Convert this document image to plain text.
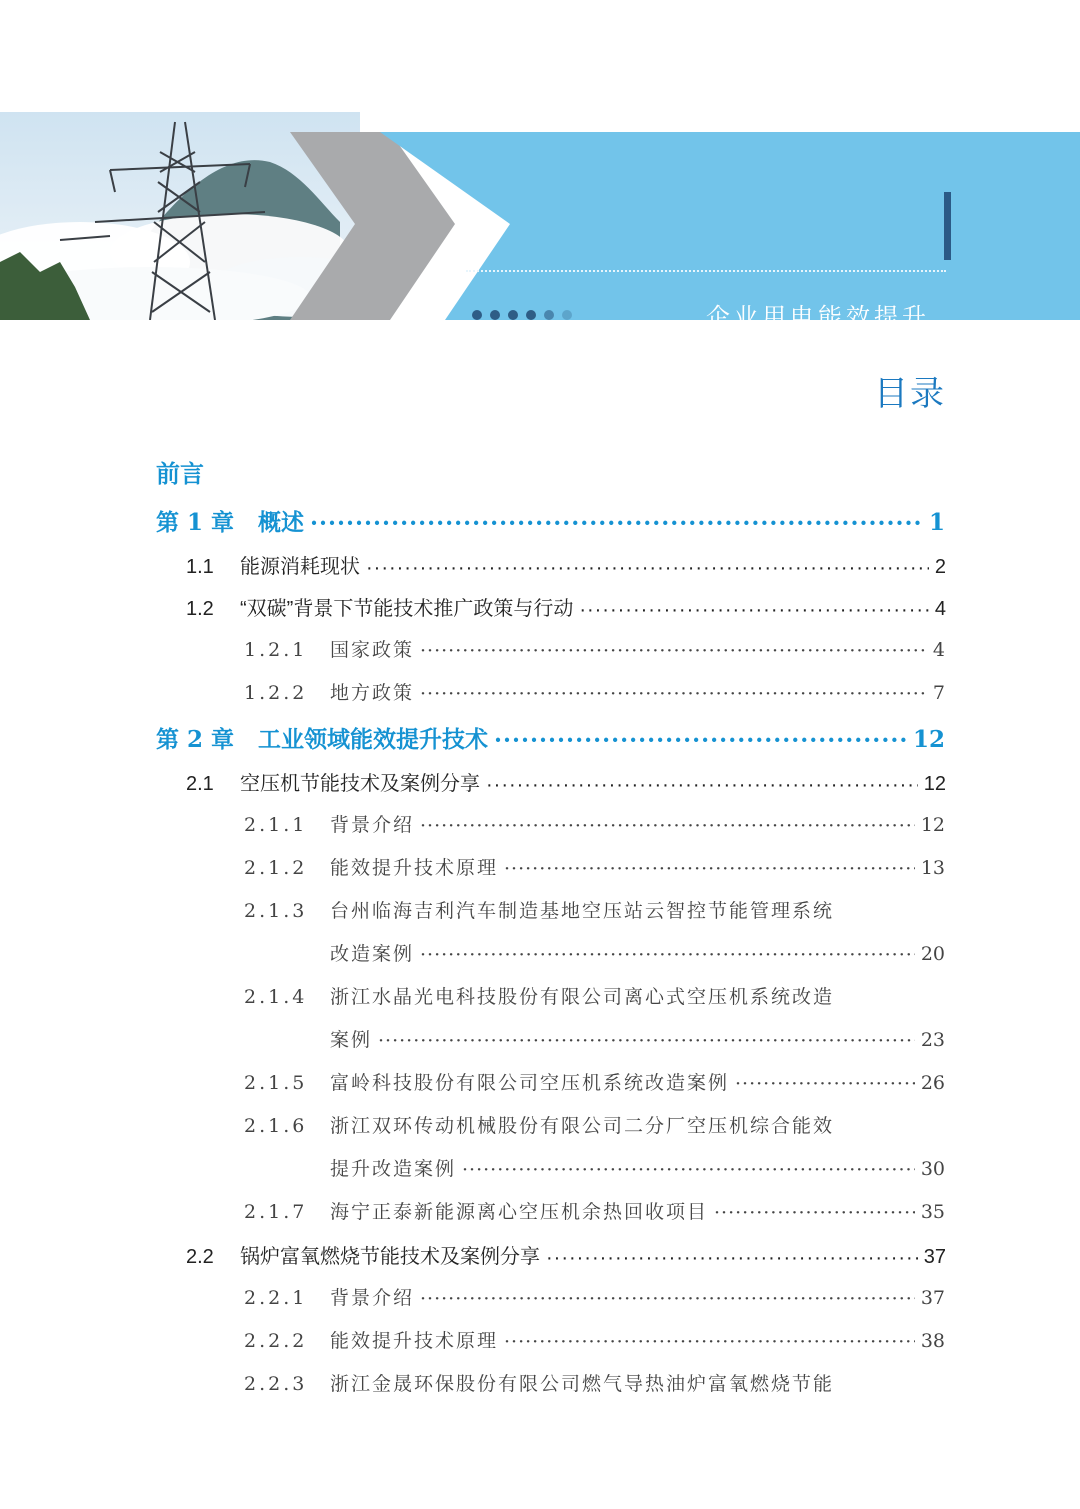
企业用电能效提升
案例精选
目录
前言
第 1 章	概述 ·····	1
1.1	能源消耗现状 ·····	2
1.2	“双碳”背景下节能技术推广政策与行动 ·····	4
1.2.1	国家政策 ·····	4
1.2.2	地方政策 ·····	7
第 2 章	工业领域能效提升技术 ·····	12
2.1	空压机节能技术及案例分享 ·····	12
2.1.1	背景介绍 ·····	12
2.1.2	能效提升技术原理 ·····	13
2.1.3	台州临海吉利汽车制造基地空压站云智控节能管理系统
改造案例 ·····	20
2.1.4	浙江水晶光电科技股份有限公司离心式空压机系统改造
案例 ·····	23
2.1.5	富岭科技股份有限公司空压机系统改造案例 ·····	26
2.1.6	浙江双环传动机械股份有限公司二分厂空压机综合能效
提升改造案例 ·····	30
2.1.7	海宁正泰新能源离心空压机余热回收项目 ·····	35
2.2	锅炉富氧燃烧节能技术及案例分享 ·····	37
2.2.1	背景介绍 ·····	37
2.2.2	能效提升技术原理 ·····	38
2.2.3	浙江金晟环保股份有限公司燃气导热油炉富氧燃烧节能
